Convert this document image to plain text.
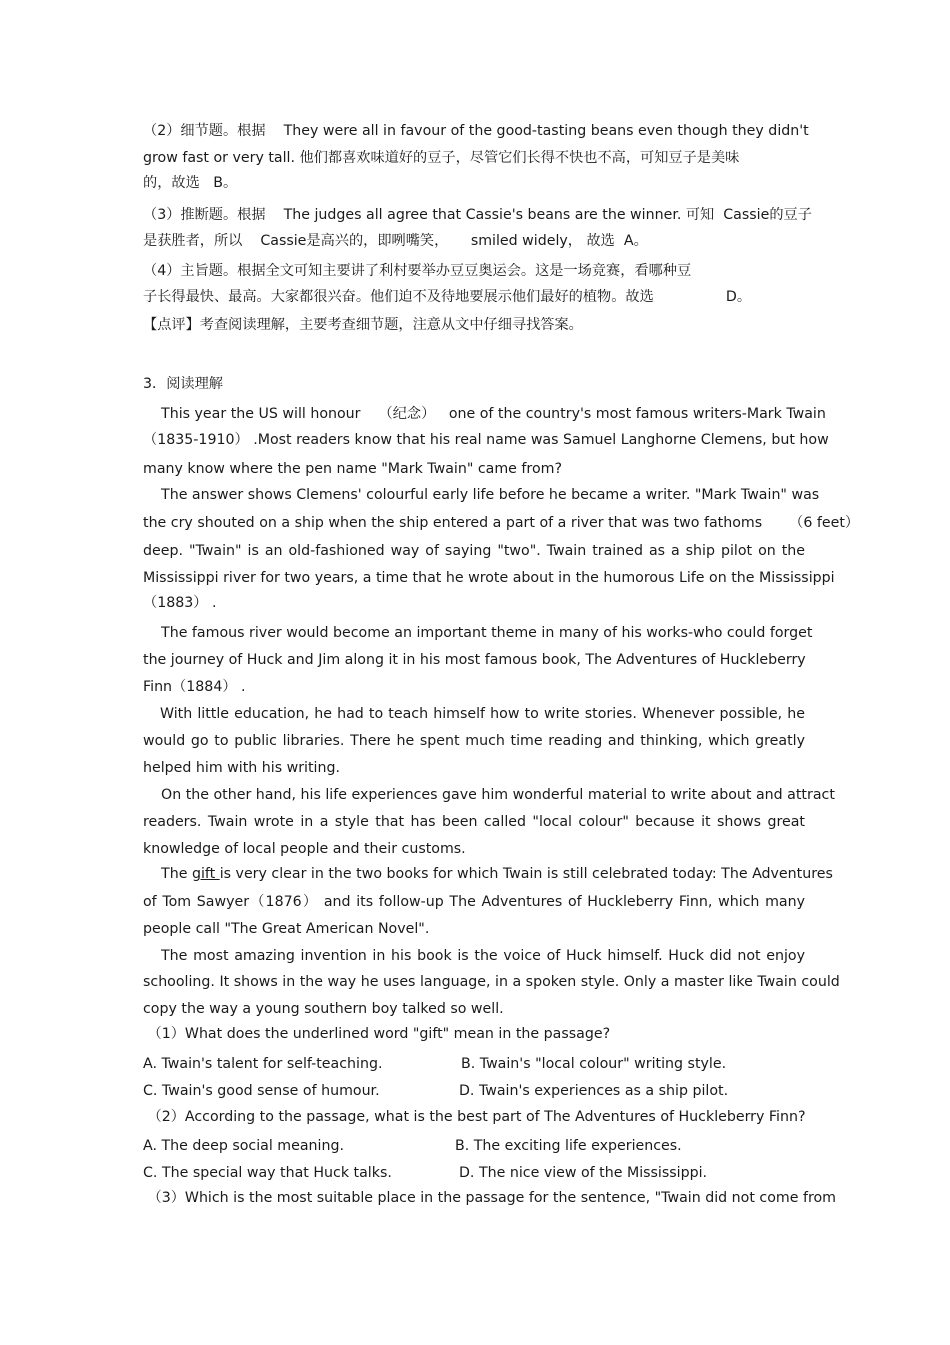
（2）细节题。根据    They were all in favour of the good-tasting beans even though they didn't
grow fast or very tall. 他们都喜欢味道好的豆子，尽管它们长得不快也不高，可知豆子是美味
的，故选   B。
（3）推断题。根据    The judges all agree that Cassie's beans are the winner. 可知  Cassie的豆子
是获胜者，所以    Cassie是高兴的，即咧嘴笑，     smiled widely， 故选  A。
（4）主旨题。根据全文可知主要讲了利村要举办豆豆奥运会。这是一场竞赛，看哪种豆
子长得最快、最高。大家都很兴奋。他们迫不及待地要展示他们最好的植物。故选                D。
【点评】考查阅读理解，主要考查细节题，注意从文中仔细寻找答案。
3．阅读理解
This year the US will honour    （纪念）   one of the country's most famous writers-Mark Twain
（1835-1910） .Most readers know that his real name was Samuel Langhorne Clemens, but how
many know where the pen name "Mark Twain" came from?
The answer shows Clemens' colourful early life before he became a writer. "Mark Twain" was
the cry shouted on a ship when the ship entered a part of a river that was two fathoms      （6 feet）
deep. "Twain" is an old-fashioned way of saying "two". Twain trained as a ship pilot on the
Mississippi river for two years, a time that he wrote about in the humorous Life on the Mississippi
（1883） .
The famous river would become an important theme in many of his works-who could forget
the journey of Huck and Jim along it in his most famous book, The Adventures of Huckleberry
Finn（1884） .
With little education, he had to teach himself how to write stories. Whenever possible, he
would go to public libraries. There he spent much time reading and thinking, which greatly
helped him with his writing.
On the other hand, his life experiences gave him wonderful material to write about and attract
readers. Twain wrote in a style that has been called "local colour" because it shows great
knowledge of local people and their customs.
The gift is very clear in the two books for which Twain is still celebrated today: The Adventures
of Tom Sawyer（1876） and its follow-up The Adventures of Huckleberry Finn, which many
people call "The Great American Novel".
The most amazing invention in his book is the voice of Huck himself. Huck did not enjoy
schooling. It shows in the way he uses language, in a spoken style. Only a master like Twain could
copy the way a young southern boy talked so well.
（1）What does the underlined word "gift" mean in the passage?
A. Twain's talent for self-teaching.	B. Twain's "local colour" writing style.
C. Twain's good sense of humour.	D. Twain's experiences as a ship pilot.
（2）According to the passage, what is the best part of The Adventures of Huckleberry Finn?
A. The deep social meaning.	B. The exciting life experiences.
C. The special way that Huck talks.	D. The nice view of the Mississippi.
（3）Which is the most suitable place in the passage for the sentence, "Twain did not come from
